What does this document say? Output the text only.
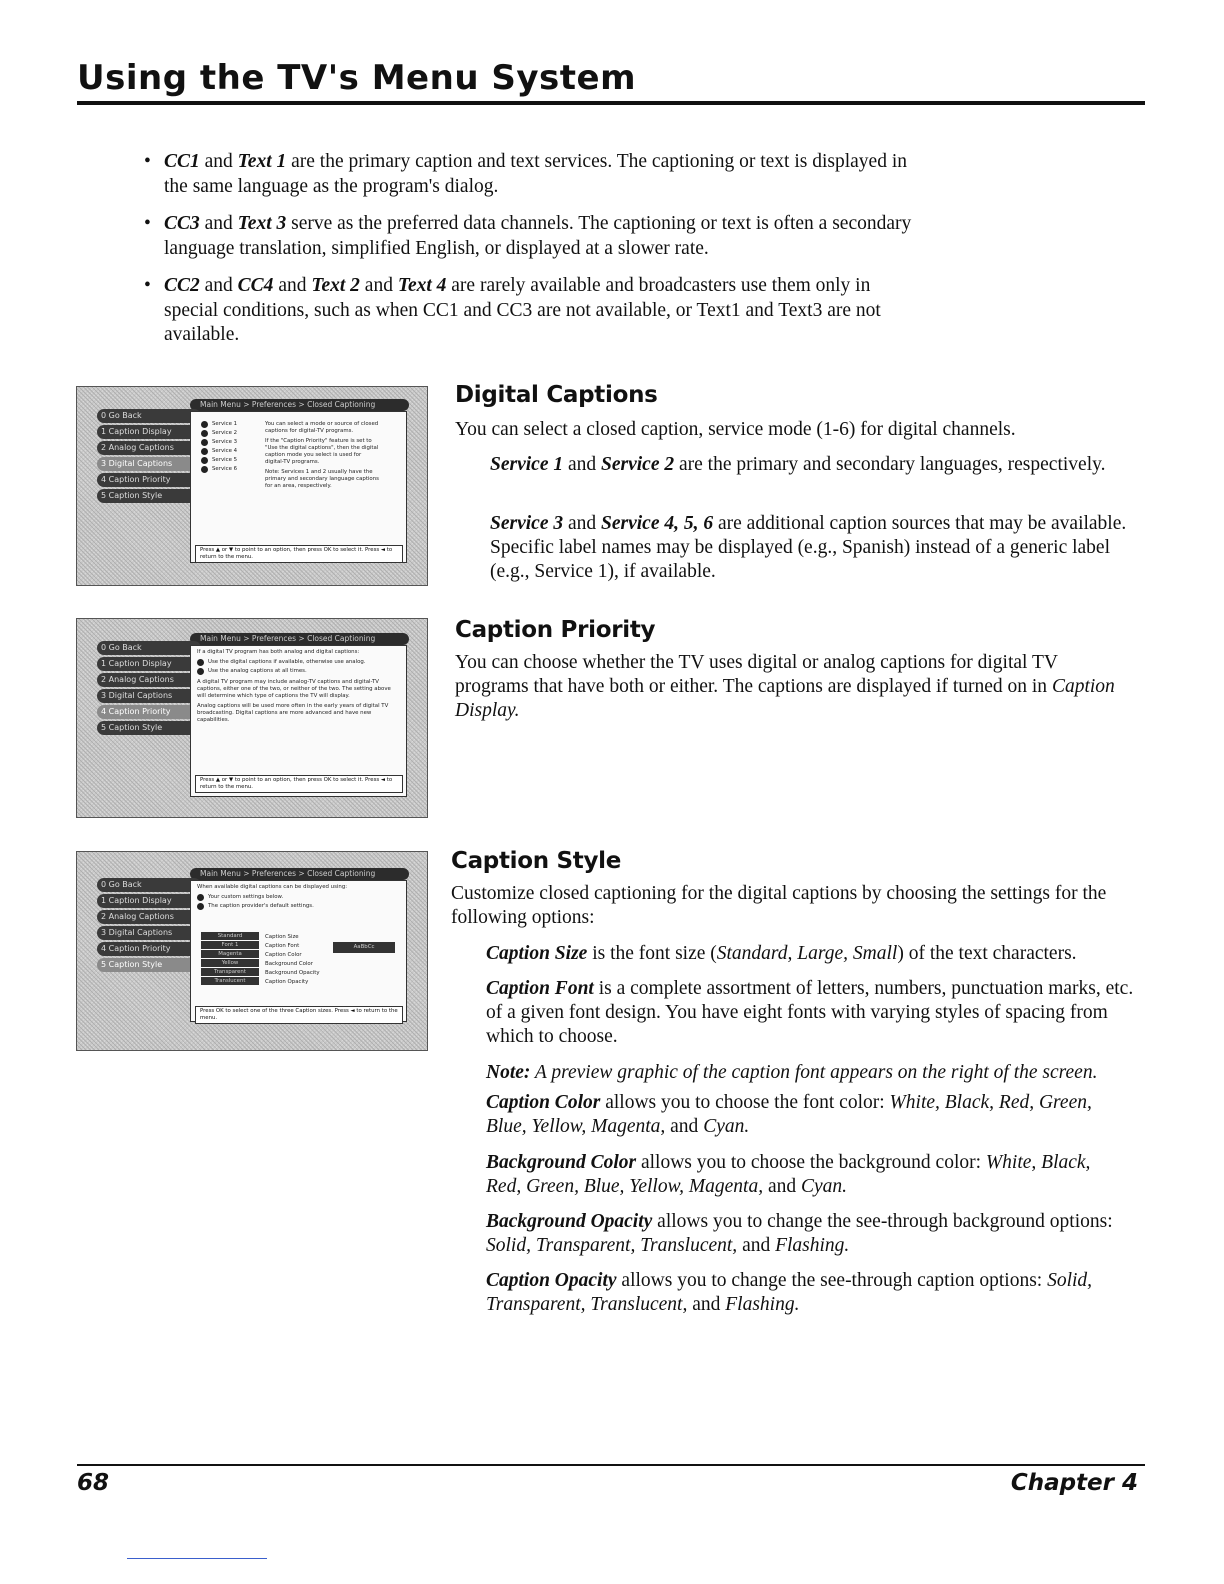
Using the TV's Menu System
• CC1 and Text 1 are the primary caption and text services. The captioning or text is displayed in the same language as the program's dialog.
• CC3 and Text 3 serve as the preferred data channels. The captioning or text is often a secondary language translation, simplified English, or displayed at a slower rate.
• CC2 and CC4 and Text 2 and Text 4 are rarely available and broadcasters use them only in special conditions, such as when CC1 and CC3 are not available, or Text1 and Text3 are not available.
Main Menu > Preferences > Closed Captioning
0 Go Back
1 Caption Display
2 Analog Captions
3 Digital Captions
4 Caption Priority
5 Caption Style
Service 1
Service 2
Service 3
Service 4
Service 5
Service 6
You can select a mode or source of closed captions for digital-TV programs.
If the "Caption Priority" feature is set to "Use the digital captions", then the digital caption mode you select is used for digital-TV programs.
Note: Services 1 and 2 usually have the primary and secondary language captions for an area, respectively.
Press ▲ or ▼ to point to an option, then press OK to select it. Press ◄ to return to the menu.
Main Menu > Preferences > Closed Captioning
0 Go Back
1 Caption Display
2 Analog Captions
3 Digital Captions
4 Caption Priority
5 Caption Style
If a digital TV program has both analog and digital captions:
Use the digital captions if available, otherwise use analog.
Use the analog captions at all times.
A digital TV program may include analog-TV captions and digital-TV captions, either one of the two, or neither of the two. The setting above will determine which type of captions the TV will display.
Analog captions will be used more often in the early years of digital TV broadcasting. Digital captions are more advanced and have new capabilities.
Press ▲ or ▼ to point to an option, then press OK to select it. Press ◄ to return to the menu.
Main Menu > Preferences > Closed Captioning
0 Go Back
1 Caption Display
2 Analog Captions
3 Digital Captions
4 Caption Priority
5 Caption Style
When available digital captions can be displayed using:
Your custom settings below.
The caption provider's default settings.
Standard
Font 1
Magenta
Yellow
Transparent
Translucent
Caption Size
Caption Font
Caption Color
Background Color
Background Opacity
Caption Opacity
AaBbCc
Press OK to select one of the three Caption sizes. Press ◄ to return to the menu.
Digital Captions

You can select a closed caption, service mode (1-6) for digital channels.

Service 1 and Service 2 are the primary and secondary languages, respectively.

Service 3 and Service 4, 5, 6 are additional caption sources that may be available. Specific label names may be displayed (e.g., Spanish) instead of a generic label (e.g., Service 1), if available.

Caption Priority

You can choose whether the TV uses digital or analog captions for digital TV programs that have both or either. The captions are displayed if turned on in Caption Display.

Caption Style

Customize closed captioning for the digital captions by choosing the settings for the following options:

Caption Size is the font size (Standard, Large, Small) of the text characters.

Caption Font is a complete assortment of letters, numbers, punctuation marks, etc. of a given font design. You have eight fonts with varying styles of spacing from which to choose.

Note: A preview graphic of the caption font appears on the right of the screen.

Caption Color allows you to choose the font color: White, Black, Red, Green, Blue, Yellow, Magenta, and Cyan.

Background Color allows you to choose the background color: White, Black, Red, Green, Blue, Yellow, Magenta, and Cyan.

Background Opacity allows you to change the see-through background options: Solid, Transparent, Translucent, and Flashing.

Caption Opacity allows you to change the see-through caption options: Solid, Transparent, Translucent, and Flashing.

68	Chapter 4
